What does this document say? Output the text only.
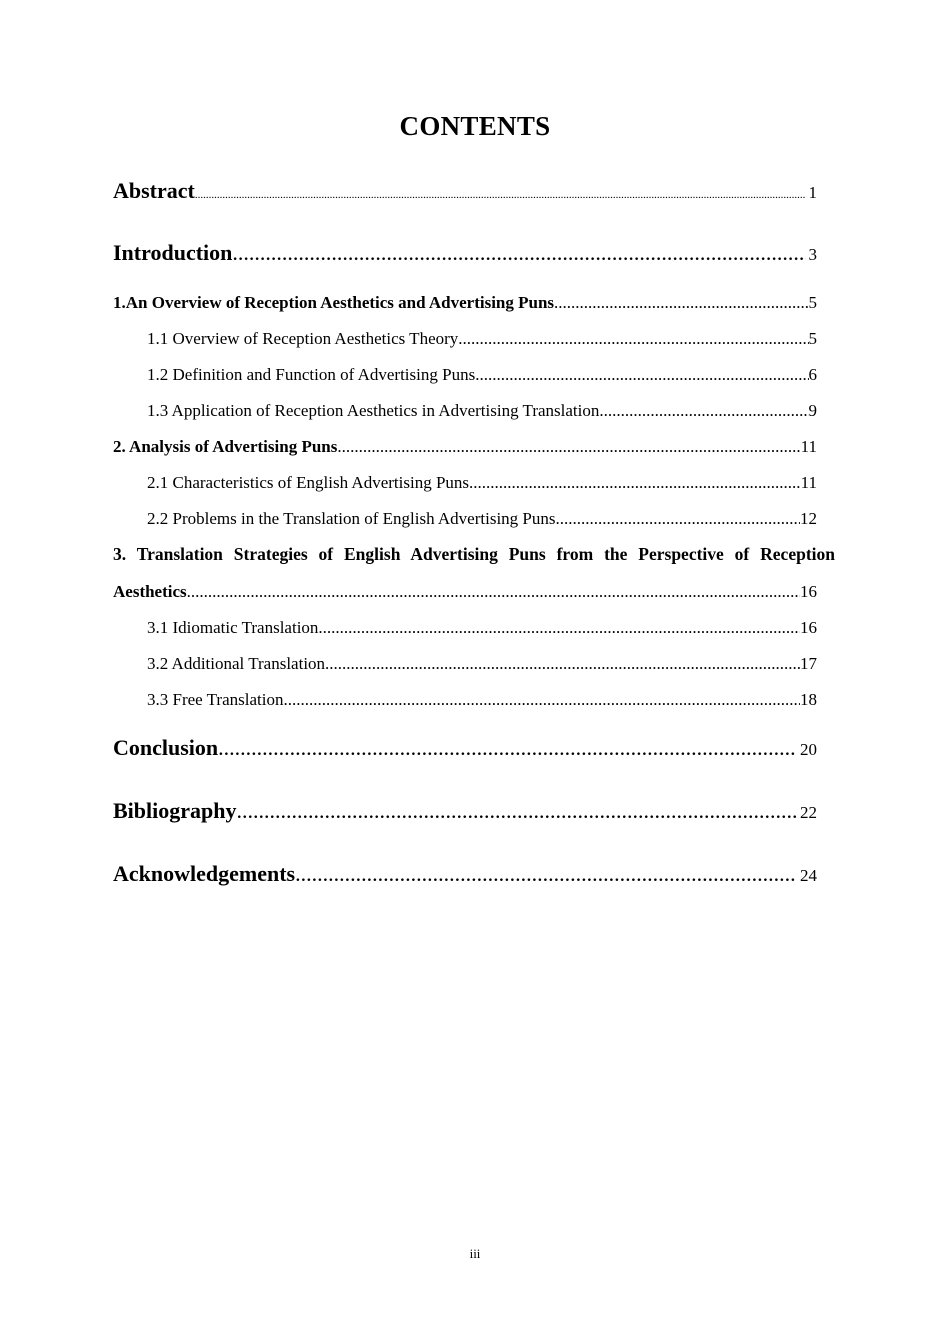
CONTENTS
Abstract .....	1
Introduction .....	3
1.An Overview of Reception Aesthetics and Advertising Puns .....	5
1.1 Overview of Reception Aesthetics Theory .....	5
1.2 Definition and Function of Advertising Puns .....	6
1.3 Application of Reception Aesthetics in Advertising Translation .....	9
2. Analysis of Advertising Puns .....	11
2.1 Characteristics of English Advertising Puns .....	11
2.2 Problems in the Translation of English Advertising Puns .....	12
3. Translation Strategies of English Advertising Puns from the Perspective of Reception
Aesthetics .....	16
3.1 Idiomatic Translation .....	16
3.2 Additional Translation .....	17
3.3 Free Translation .....	18
Conclusion .....	20
Bibliography .....	22
Acknowledgements .....	24
iii
